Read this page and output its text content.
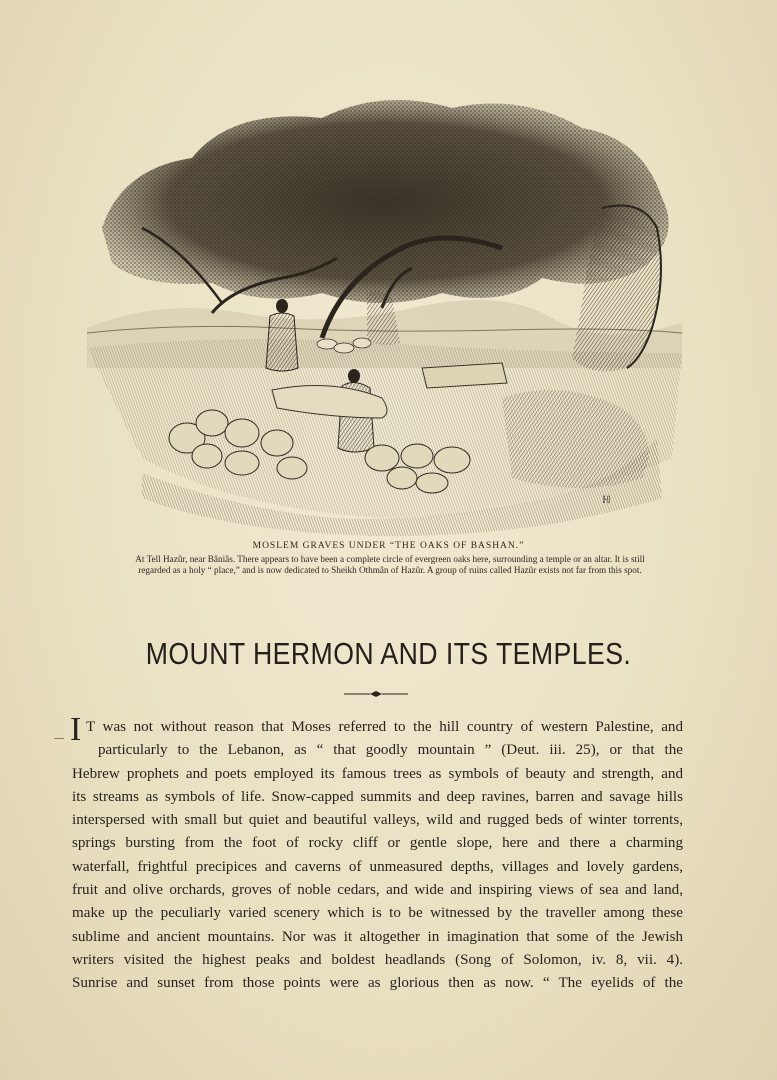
ℍ
MOSLEM GRAVES UNDER “THE OAKS OF BASHAN.”
At Tell Hazûr, near Bâniâs. There appears to have been a complete circle of evergreen oaks here, surrounding a temple or an altar. It is still
regarded as a holy “ place,” and is now dedicated to Sheikh Othmân of Hazûr. A group of ruins called Hazûr exists not far from this spot.
MOUNT HERMON AND ITS TEMPLES.
I T was not without reason that Moses referred to the hill country of western Palestine, and
particularly to the Lebanon, as “ that goodly mountain ” (Deut. iii. 25), or that the
Hebrew prophets and poets employed its famous trees as symbols of beauty and strength, and
its streams as symbols of life. Snow-capped summits and deep ravines, barren and savage hills
interspersed with small but quiet and beautiful valleys, wild and rugged beds of winter torrents,
springs bursting from the foot of rocky cliff or gentle slope, here and there a charming
waterfall, frightful precipices and caverns of unmeasured depths, villages and lovely gardens,
fruit and olive orchards, groves of noble cedars, and wide and inspiring views of sea and land,
make up the peculiarly varied scenery which is to be witnessed by the traveller among these
sublime and ancient mountains. Nor was it altogether in imagination that some of the Jewish
writers visited the highest peaks and boldest headlands (Song of Solomon, iv. 8, vii. 4).
Sunrise and sunset from those points were as glorious then as now. “ The eyelids of the
